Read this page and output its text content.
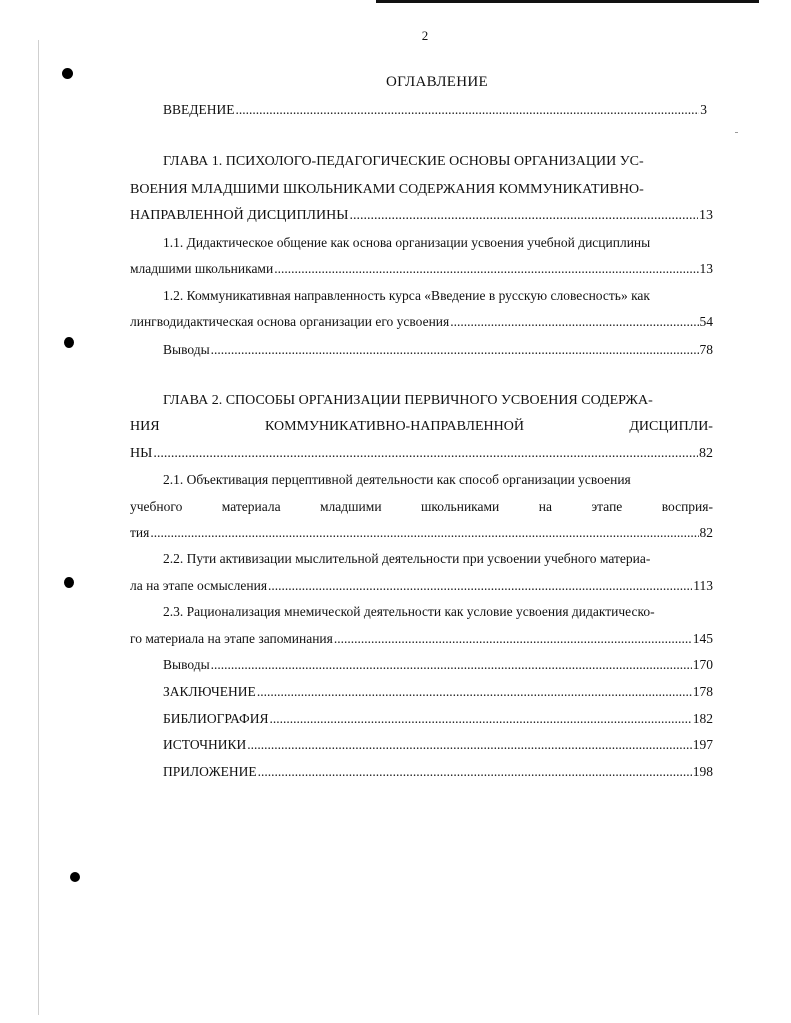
2
ОГЛАВЛЕНИЕ
ВВЕДЕНИЕ .....	3
ГЛАВА 1. ПСИХОЛОГО-ПЕДАГОГИЧЕСКИЕ ОСНОВЫ ОРГАНИЗАЦИИ УС-
ВОЕНИЯ МЛАДШИМИ ШКОЛЬНИКАМИ СОДЕРЖАНИЯ КОММУНИКАТИВНО-
НАПРАВЛЕННОЙ ДИСЦИПЛИНЫ .....	13
1.1. Дидактическое общение как основа организации усвоения учебной дисциплины
младшими школьниками .....	13
1.2. Коммуникативная направленность курса «Введение в русскую словесность» как
лингводидактическая основа организации его усвоения .....	54
Выводы .....	78
ГЛАВА 2. СПОСОБЫ ОРГАНИЗАЦИИ ПЕРВИЧНОГО УСВОЕНИЯ СОДЕРЖА-
НИЯ	КОММУНИКАТИВНО-НАПРАВЛЕННОЙ	ДИСЦИПЛИ-
НЫ .....	82
2.1. Объективация перцептивной деятельности как способ организации усвоения
учебного	материала	младшими	школьниками	на	этапе	восприя-
тия .....	82
2.2. Пути активизации мыслительной деятельности при усвоении учебного материа-
ла на этапе осмысления .....	113
2.3. Рационализация мнемической деятельности как условие усвоения дидактическо-
го материала на этапе запоминания .....	145
Выводы .....	170
ЗАКЛЮЧЕНИЕ .....	178
БИБЛИОГРАФИЯ .....	182
ИСТОЧНИКИ .....	197
ПРИЛОЖЕНИЕ .....	198
